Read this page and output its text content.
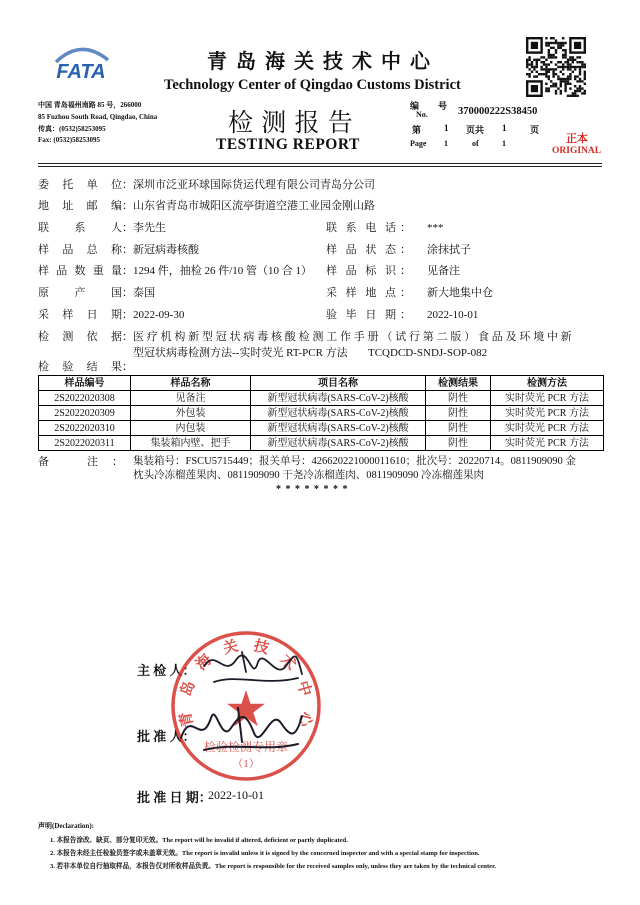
FATA	青 岛 海 关 技 术 中 心
Technology Center of Qingdao Customs District
中国 青岛福州南路 85 号，266000
85 Fuzhou South Road, Qingdao, China
传真：(0532)58253095
Fax: (0532)58253095
检 测 报 告
TESTING REPORT
编 号
No.	370000222S38450
第	1 页共 1	页
Page 1	of	1	正本
ORIGINAL
委 托 单 位 ： 深圳市泛亚环球国际货运代理有限公司青岛分公司
地 址 邮 编 ： 山东省青岛市城阳区流亭街道空港工业园金刚山路
联 系 人 ： 李先生	联 系 电 话 ： ***
样 品 总 称 ： 新冠病毒核酸	样 品 状 态 ： 涂抹拭子
样 品 数 重 量 ： 1294 件，抽检 26 件/10 管（10 合 1） 样 品 标 识 ： 见备注
原 产 国 ： 泰国	采 样 地 点 ： 新大地集中仓
采 样 日 期 ： 2022-09-30	验 毕 日 期 ： 2022-10-01
检 测 依 据 ： 医疗机构新型冠状病毒核酸检测工作手册（试行第二版）食品及环境中新
型冠状病毒检测方法--实时荧光 RT-PCR 方法 TCQDCD-SNDJ-SOP-082
检 验 结 果 ：
样品编号	样品名称	项目名称	检测结果	检测方法
2S2022020308	见备注	新型冠状病毒(SARS-CoV-2)核酸	阴性	实时荧光 PCR 方法
2S2022020309	外包装	新型冠状病毒(SARS-CoV-2)核酸	阴性	实时荧光 PCR 方法
2S2022020310	内包装	新型冠状病毒(SARS-CoV-2)核酸	阴性	实时荧光 PCR 方法
2S2022020311	集装箱内壁、把手	新型冠状病毒(SARS-CoV-2)核酸	阴性	实时荧光 PCR 方法
备 注 ： 集装箱号：FSCU5715449；报关单号：426620221000011610；批次号：20220714。0811909090 金
枕头冷冻榴莲果肉、0811909090 干尧冷冻榴莲肉、0811909090 冷冻榴莲果肉
* * * * * * * *
主 检 人：
批 准 人：
批 准 日 期：
2022-10-01
青岛海关技术中心
检验检测专用章
（1）
声明(Declaration):
1. 本报告涂改、缺页、部分复印无效。The report will be invalid if altered, deficient or partly duplicated.
2. 本报告未经主任检验员签字或未盖章无效。The report is invalid unless it is signed by the concerned inspector and with a special stamp for inspection.
3. 若非本单位自行抽取样品，本报告仅对所收样品负责。The report is responsible for the received samples only, unless they are taken by the technical center.
